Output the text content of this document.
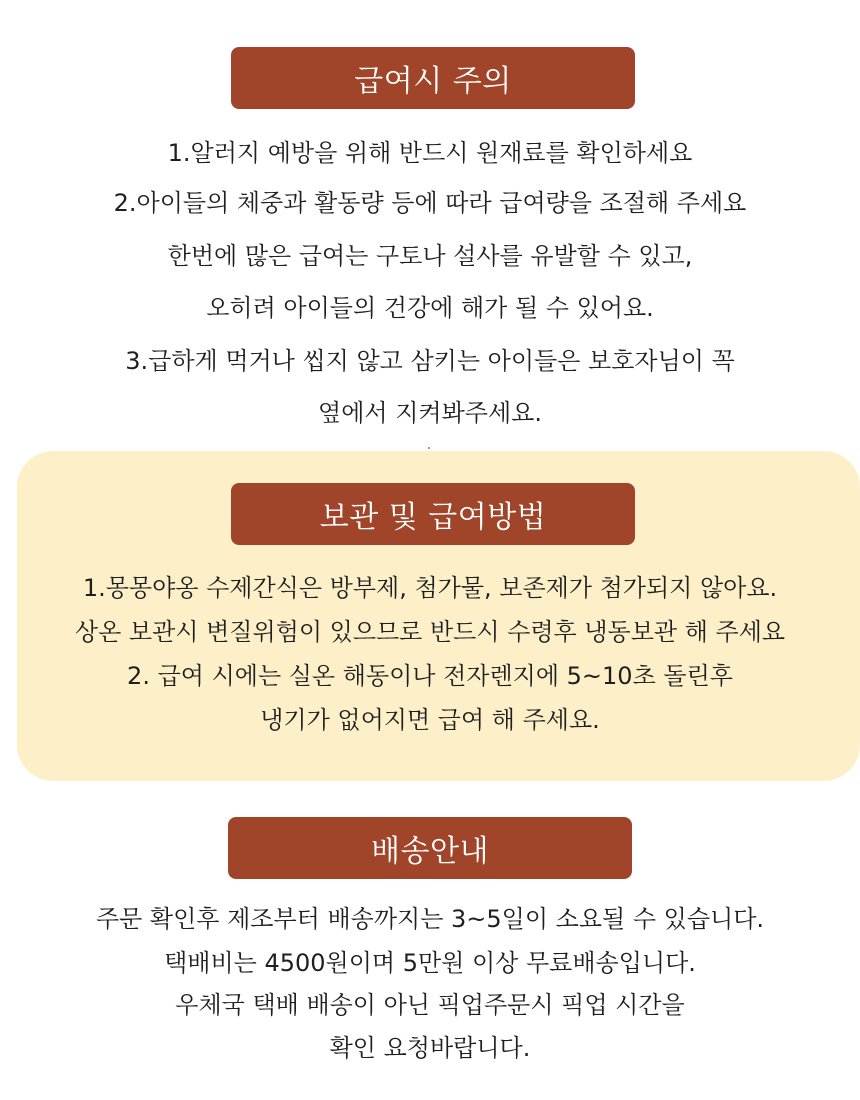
급여시 주의
1.알러지 예방을 위해 반드시 원재료를 확인하세요
2.아이들의 체중과 활동량 등에 따라 급여량을 조절해 주세요
한번에 많은 급여는 구토나 설사를 유발할 수 있고,
오히려 아이들의 건강에 해가 될 수 있어요.
3.급하게 먹거나 씹지 않고 삼키는 아이들은 보호자님이 꼭
옆에서 지켜봐주세요.
보관 및 급여방법
1.몽몽야옹 수제간식은 방부제, 첨가물, 보존제가 첨가되지 않아요.
상온 보관시 변질위험이 있으므로 반드시 수령후 냉동보관 해 주세요
2. 급여 시에는 실온 해동이나 전자렌지에 5~10초 돌린후
냉기가 없어지면 급여 해 주세요.
배송안내
주문 확인후 제조부터 배송까지는 3~5일이 소요될 수 있습니다.
택배비는 4500원이며 5만원 이상 무료배송입니다.
우체국 택배 배송이 아닌 픽업주문시 픽업 시간을
확인 요청바랍니다.
